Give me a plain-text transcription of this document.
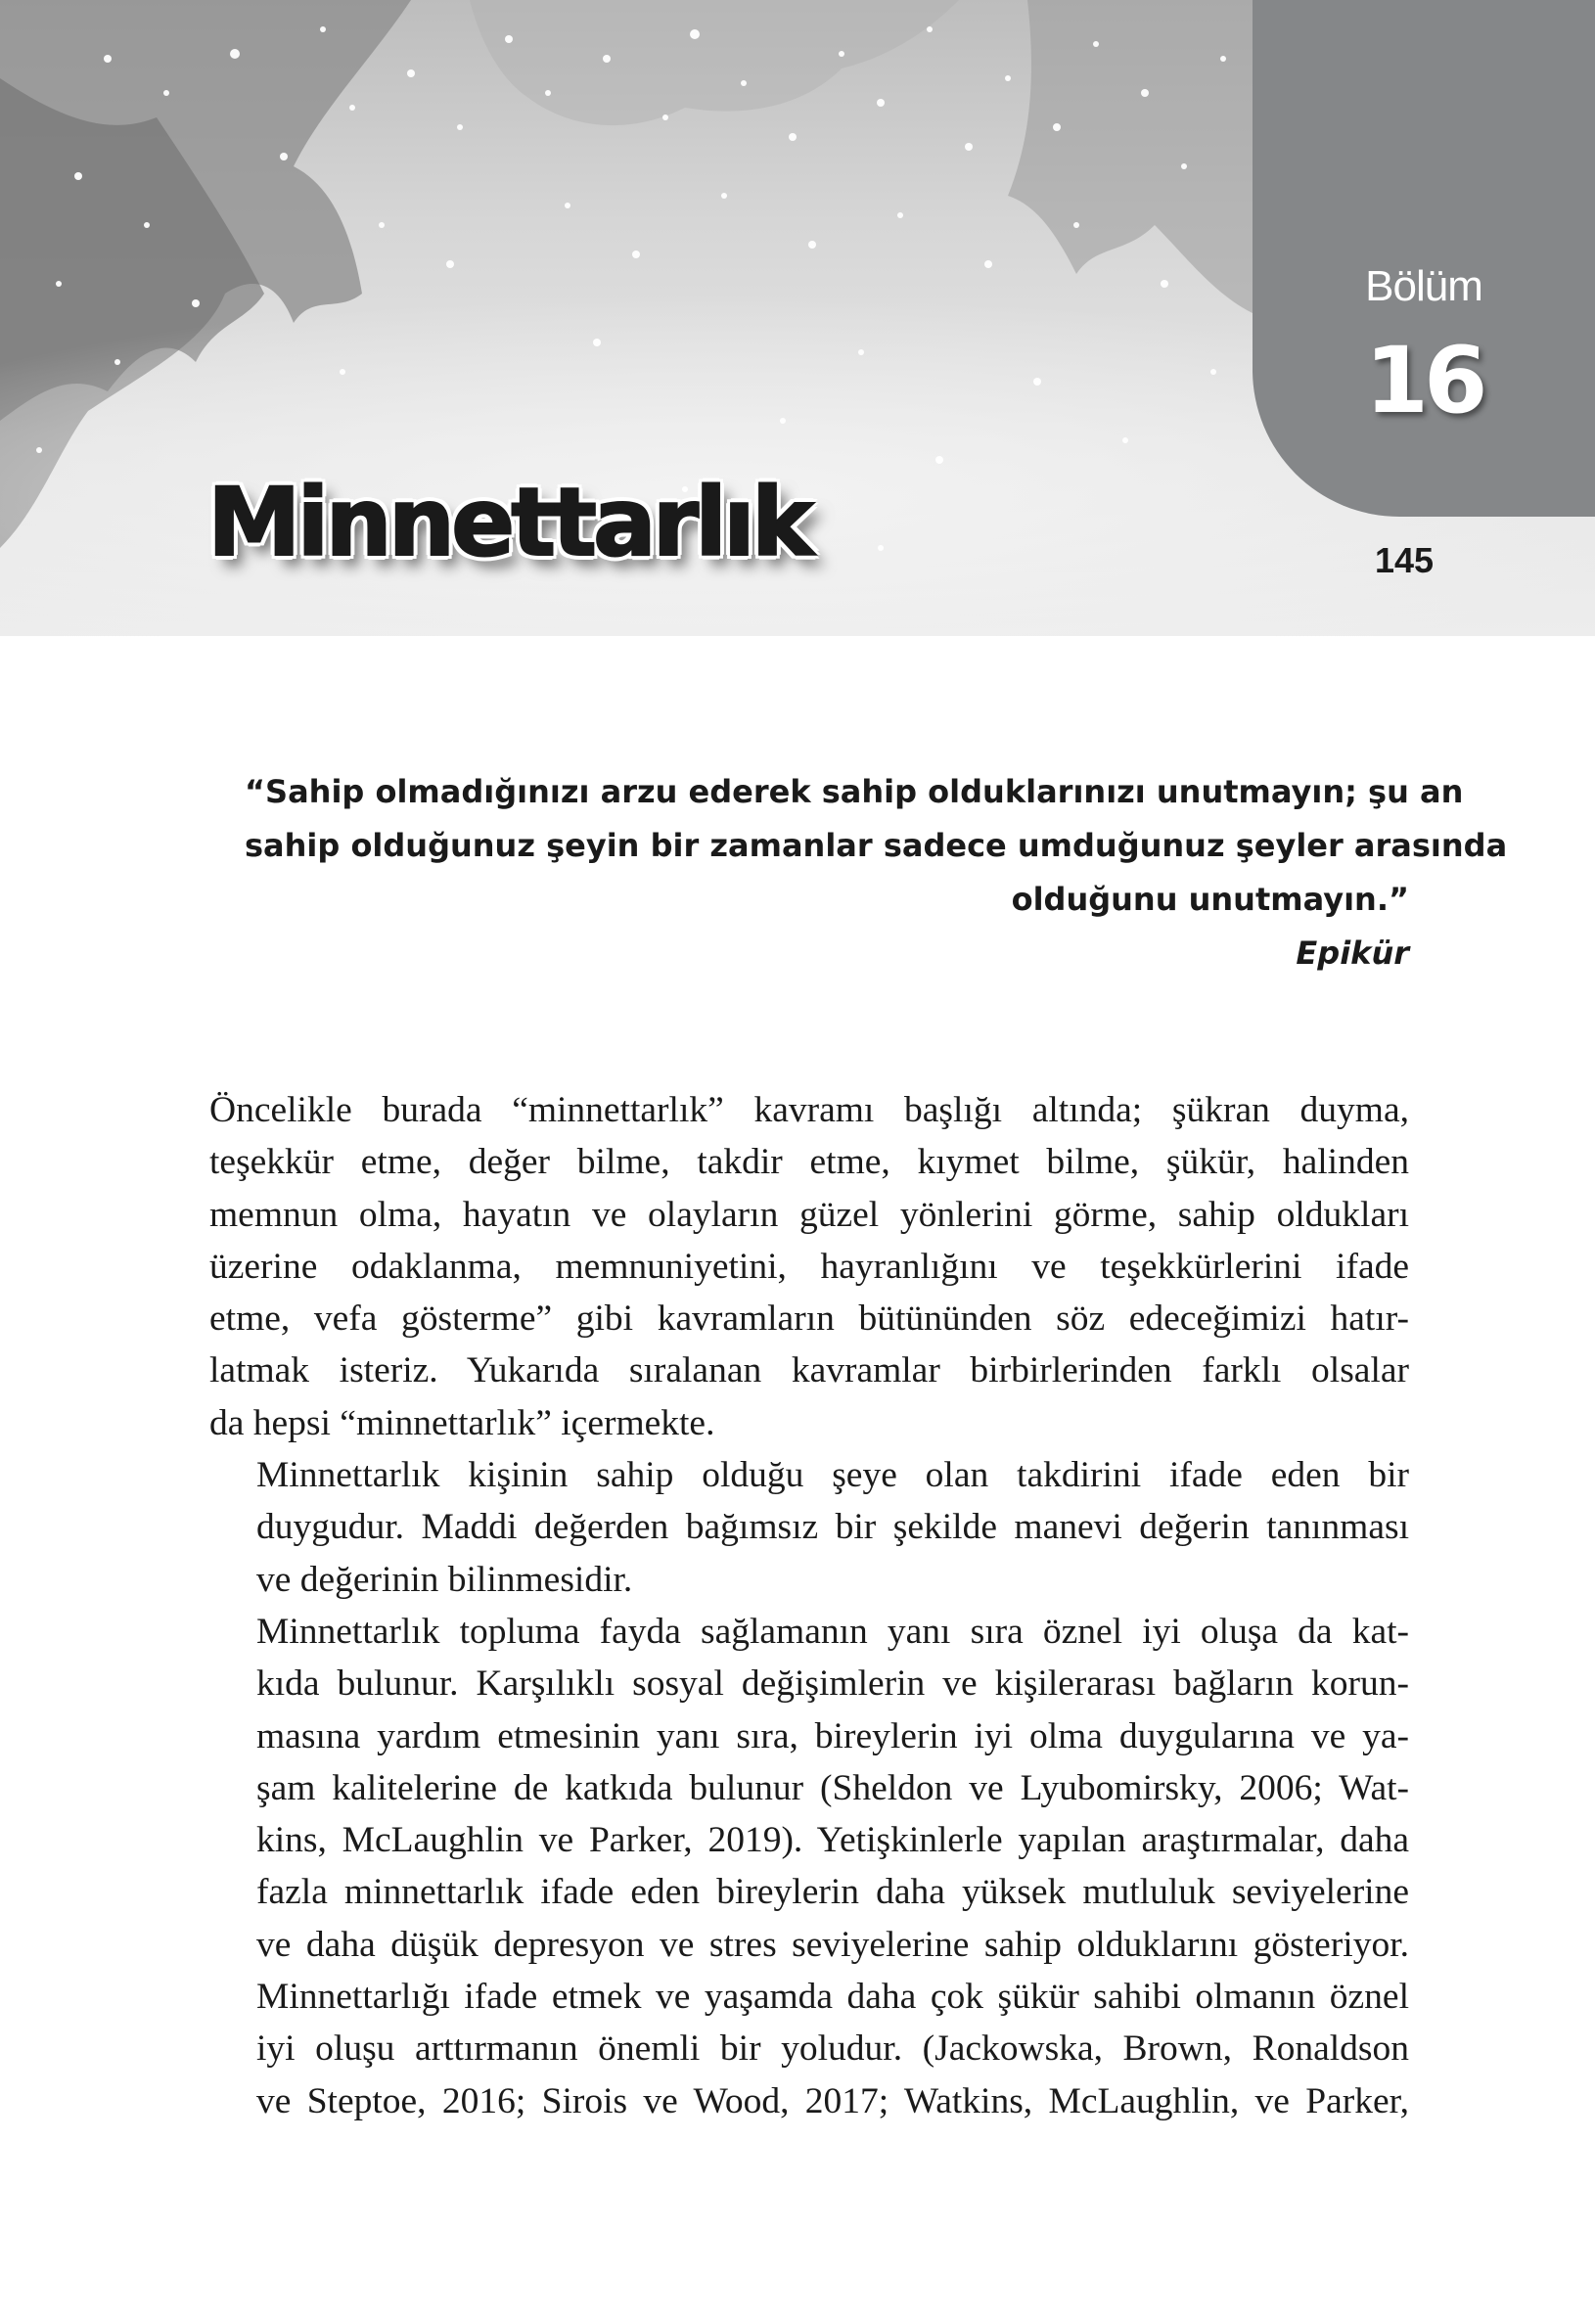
Bölüm
16
145
Minnettarlık
“Sahip olmadığınızı arzu ederek sahip olduklarınızı unutmayın; şu an
sahip olduğunuz şeyin bir zamanlar sadece umduğunuz şeyler arasında
olduğunu unutmayın.”
Epikür

Öncelikle burada “minnettarlık” kavramı başlığı altında; şükran duyma,
teşekkür etme, değer bilme, takdir etme, kıymet bilme, şükür, halinden
memnun olma, hayatın ve olayların güzel yönlerini görme, sahip oldukları
üzerine odaklanma, memnuniyetini, hayranlığını ve teşekkürlerini ifade
etme, vefa gösterme” gibi kavramların bütününden söz edeceğimizi hatır-
latmak isteriz. Yukarıda sıralanan kavramlar birbirlerinden farklı olsalar
da hepsi “minnettarlık” içermekte.

Minnettarlık kişinin sahip olduğu şeye olan takdirini ifade eden bir
duygudur. Maddi değerden bağımsız bir şekilde manevi değerin tanınması
ve değerinin bilinmesidir.

Minnettarlık topluma fayda sağlamanın yanı sıra öznel iyi oluşa da kat-
kıda bulunur. Karşılıklı sosyal değişimlerin ve kişilerarası bağların korun-
masına yardım etmesinin yanı sıra, bireylerin iyi olma duygularına ve ya-
şam kalitelerine de katkıda bulunur (Sheldon ve Lyubomirsky, 2006; Wat-
kins, McLaughlin ve Parker, 2019). Yetişkinlerle yapılan araştırmalar, daha
fazla minnettarlık ifade eden bireylerin daha yüksek mutluluk seviyelerine
ve daha düşük depresyon ve stres seviyelerine sahip olduklarını gösteriyor.
Minnettarlığı ifade etmek ve yaşamda daha çok şükür sahibi olmanın öznel
iyi oluşu arttırmanın önemli bir yoludur. (Jackowska, Brown, Ronaldson
ve Steptoe, 2016; Sirois ve Wood, 2017; Watkins, McLaughlin, ve Parker,
